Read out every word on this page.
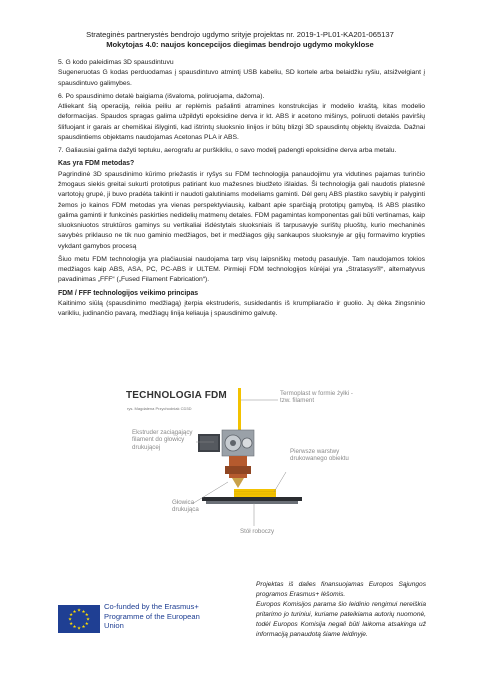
Strateginės partnerystės bendrojo ugdymo srityje projektas nr. 2019-1-PL01-KA201-065137
Mokytojas 4.0: naujos koncepcijos diegimas bendrojo ugdymo mokyklose

5. G kodo paleidimas 3D spausdintuvu

Sugeneruotas G kodas perduodamas į spausdintuvo atmintį USB kabeliu, SD kortele arba belaidžiu ryšiu, atsižvelgiant į spausdintuvo galimybes.

6. Po spausdinimo detalė baigiama (išvaloma, poliruojama, dažoma).

Atliekant šią operaciją, reikia peiliu ar replėmis pašalinti atramines konstrukcijas ir modelio kraštą, kitas modelio deformacijas. Spaudos spragas galima užpildyti epoksidine derva ir kt. ABS ir acetono mišinys, poliruoti detalės paviršių šlifuojant ir garais ar chemiškai išlyginti, kad ištrintų sluoksnio linijos ir būtų blizgi 3D spausdintų objektų išvaizda. Dažnai spausdintiems objektams naudojamas Acetonas PLA ir ABS.

7. Galiausiai galima dažyti teptuku, aerografu ar purškikliu, o savo modelį padengti epoksidine derva arba metalu.

Kas yra FDM metodas?

Pagrindinė 3D spausdinimo kūrimo priežastis ir ryšys su FDM technologija panaudojimu yra vidutines pajamas turinčio žmogaus siekis greitai sukurti prototipus patiriant kuo mažesnes biudžeto išlaidas. Ši technologija gali naudotis platesnė vartotojų grupė, ji buvo pradėta taikinti ir naudoti galutiniams modeliams gaminti. Dėl gerų ABS plastiko savybių ir palyginti žemos jo kainos FDM metodas yra vienas perspektyviausių, kalbant apie sparčiąją prototipų gamybą. Iš ABS plastiko galima gaminti ir funkcinės paskirties nedidelių matmenų detales. FDM pagamintas komponentas gali būti vertinamas, kaip sluoksniuotos struktūros gaminys su vertikaliai išdėstytais sluoksniais iš tarpusavyje surištų pluoštų, kurio mechaninės savybės priklauso ne tik nuo gaminio medžiagos, bet ir medžiagos gijų sankaupos sluoksnyje ar gijų formavimo krypties vykdant gamybos procesą

Šiuo metu FDM technologija yra plačiausiai naudojama tarp visų laipsniškų metodų pasaulyje. Tam naudojamos tokios medžiagos kaip ABS, ASA, PC, PC-ABS ir ULTEM. Pirmieji FDM technologijos kūrėjai yra „Stratasys®“, alternatyvus pavadinimas „FFF“ („Fused Filament Fabrication“).

FDM / FFF technologijos veikimo principas

Kaitinimo siūlą (spausdinimo medžiagą) įterpia ekstruderis, susidedantis iš krumpliaračio ir guolio. Jų dėka žingsninio varikliu, judinančio pavarą, medžiagų linija keliauja į spausdinimo galvutę.

TECHNOLOGIA FDM
rys. Magdalena Przychodniak CD3D
Termoplast w formie żyłki - tzw. filament
Ekstruder zaciągający filament do głowicy drukującej
Pierwsze warstwy drukowanego obiektu
Głowica drukująca
Stół roboczy
★ ★
★
★
★
★
★
★
★
★
★
★
Co-funded by the Erasmus+ Programme of the European Union

Projektas iš dalies finansuojamas Europos Sąjungos programos Erasmus+ lėšomis.

Europos Komisijos parama šio leidinio rengimui nereiškia pritarimo jo turiniui, kuriame pateikiama autorių nuomonė, todėl Europos Komisija negali būti laikoma atsakinga už informaciją panaudotą šiame leidinyje.
